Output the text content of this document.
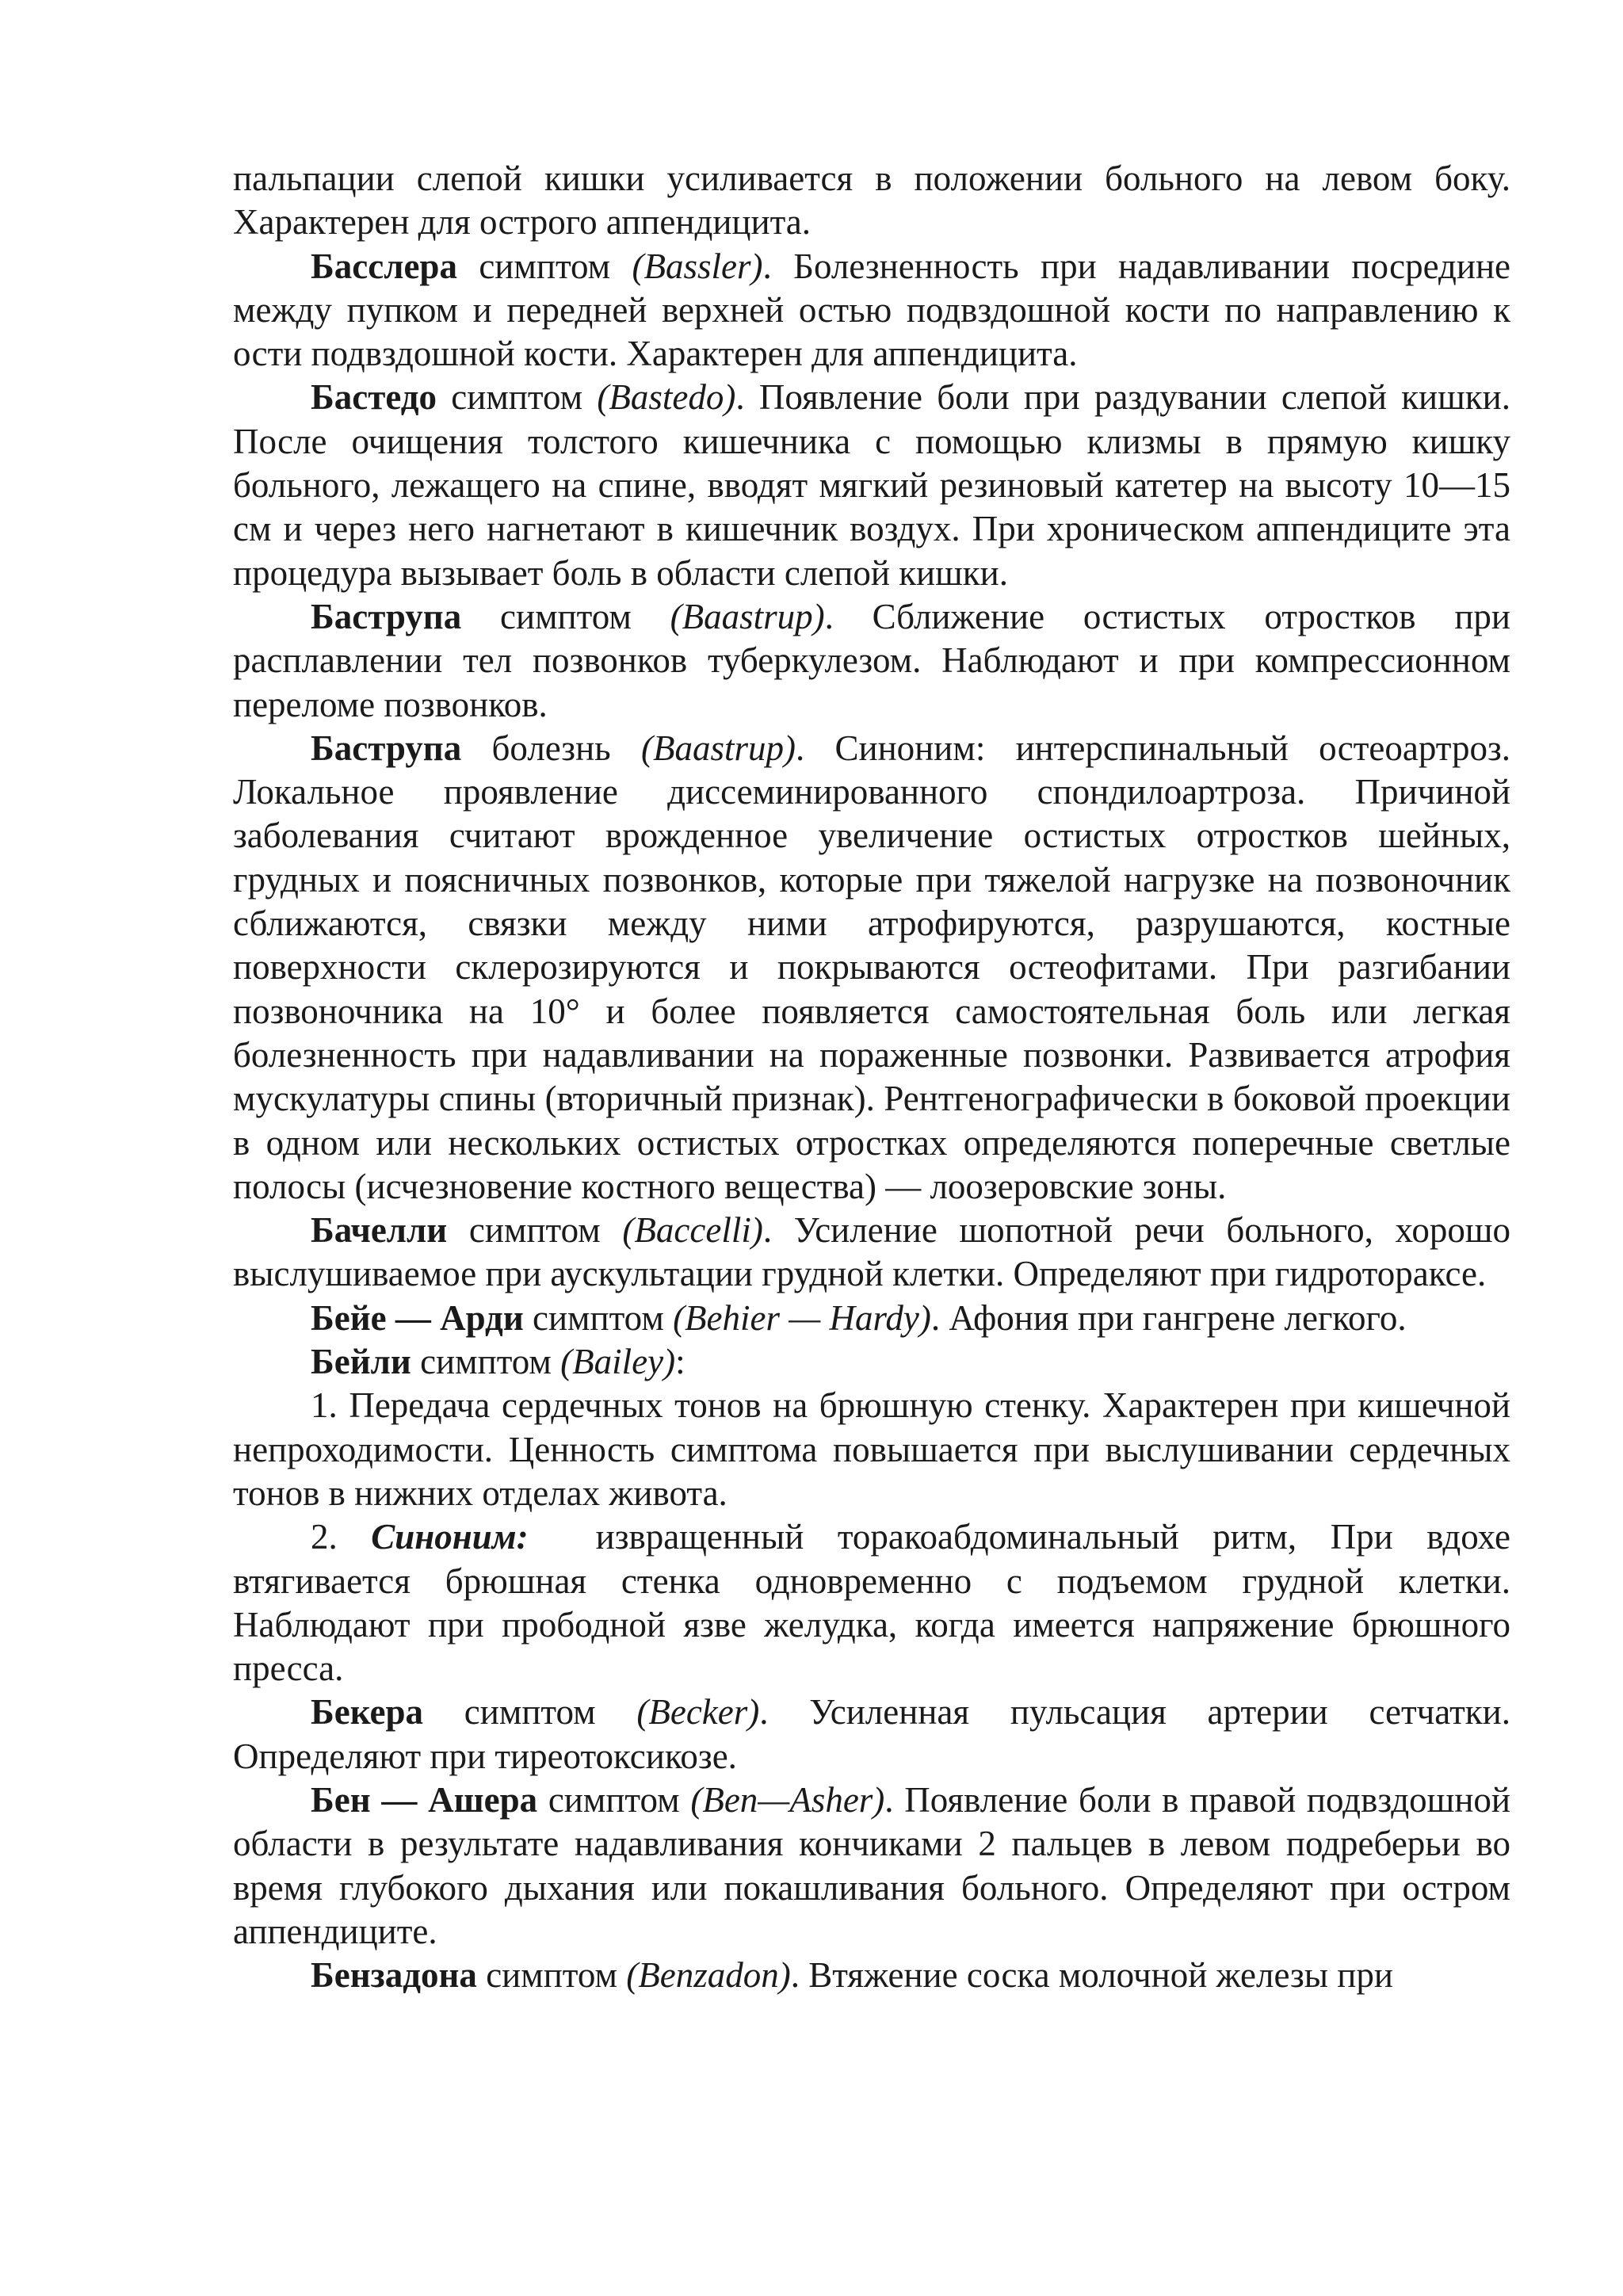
пальпации слепой кишки усиливается в положении больного на левом боку. Характерен для острого аппендицита.

Басслера симптом (Bassler). Болезненность при надавливании посредине между пупком и передней верхней остью подвздошной кости по направлению к ости подвздошной кости. Характерен для аппендицита.

Бастедо симптом (Bastedo). Появление боли при раздувании слепой кишки. После очищения толстого кишечника с помощью клизмы в прямую кишку больного, лежащего на спине, вводят мягкий резиновый катетер на высоту 10—15 см и через него нагнетают в кишечник воздух. При хроническом аппендиците эта процедура вызывает боль в области слепой кишки.

Баструпа симптом (Baastrup). Сближение остистых отростков при расплавлении тел позвонков туберкулезом. Наблюдают и при компрессионном переломе позвонков.

Баструпа болезнь (Baastrup). Синоним: интерспинальный остеоартроз. Локальное проявление диссеминированного спондилоартроза. Причиной заболевания считают врожденное увеличение остистых отростков шейных, грудных и поясничных позвонков, которые при тяжелой нагрузке на позвоночник сближаются, связки между ними атрофируются, разрушаются, костные поверхности склерозируются и покрываются остеофитами. При разгибании позвоночника на 10° и более появляется самостоятельная боль или легкая болезненность при надавливании на пораженные позвонки. Развивается атрофия мускулатуры спины (вторичный признак). Рентгенографически в боковой проекции в одном или нескольких остистых отростках определяются поперечные светлые полосы (исчезновение костного вещества) — лоозеровские зоны.

Бачелли симптом (Baccelli). Усиление шопотной речи больного, хорошо выслушиваемое при аускультации грудной клетки. Определяют при гидротораксе.

Бейе — Арди симптом (Behier — Hardy). Афония при гангрене легкого.

Бейли симптом (Bailey):

1. Передача сердечных тонов на брюшную стенку. Характерен при кишечной непроходимости. Ценность симптома повышается при выслушивании сердечных тонов в нижних отделах живота.

2. Синоним:  извращенный торакоабдоминальный ритм, При вдохе втягивается брюшная стенка одновременно с подъемом грудной клетки. Наблюдают при прободной язве желудка, когда имеется напряжение брюшного пресса.

Бекера симптом (Becker). Усиленная пульсация артерии сетчатки. Определяют при тиреотоксикозе.

Бен — Ашера симптом (Ben—Asher). Появление боли в правой подвздошной области в результате надавливания кончиками 2 пальцев в левом подреберьи во время глубокого дыхания или покашливания больного. Определяют при остром аппендиците.

Бензадона симптом (Benzadon). Втяжение соска молочной железы при
